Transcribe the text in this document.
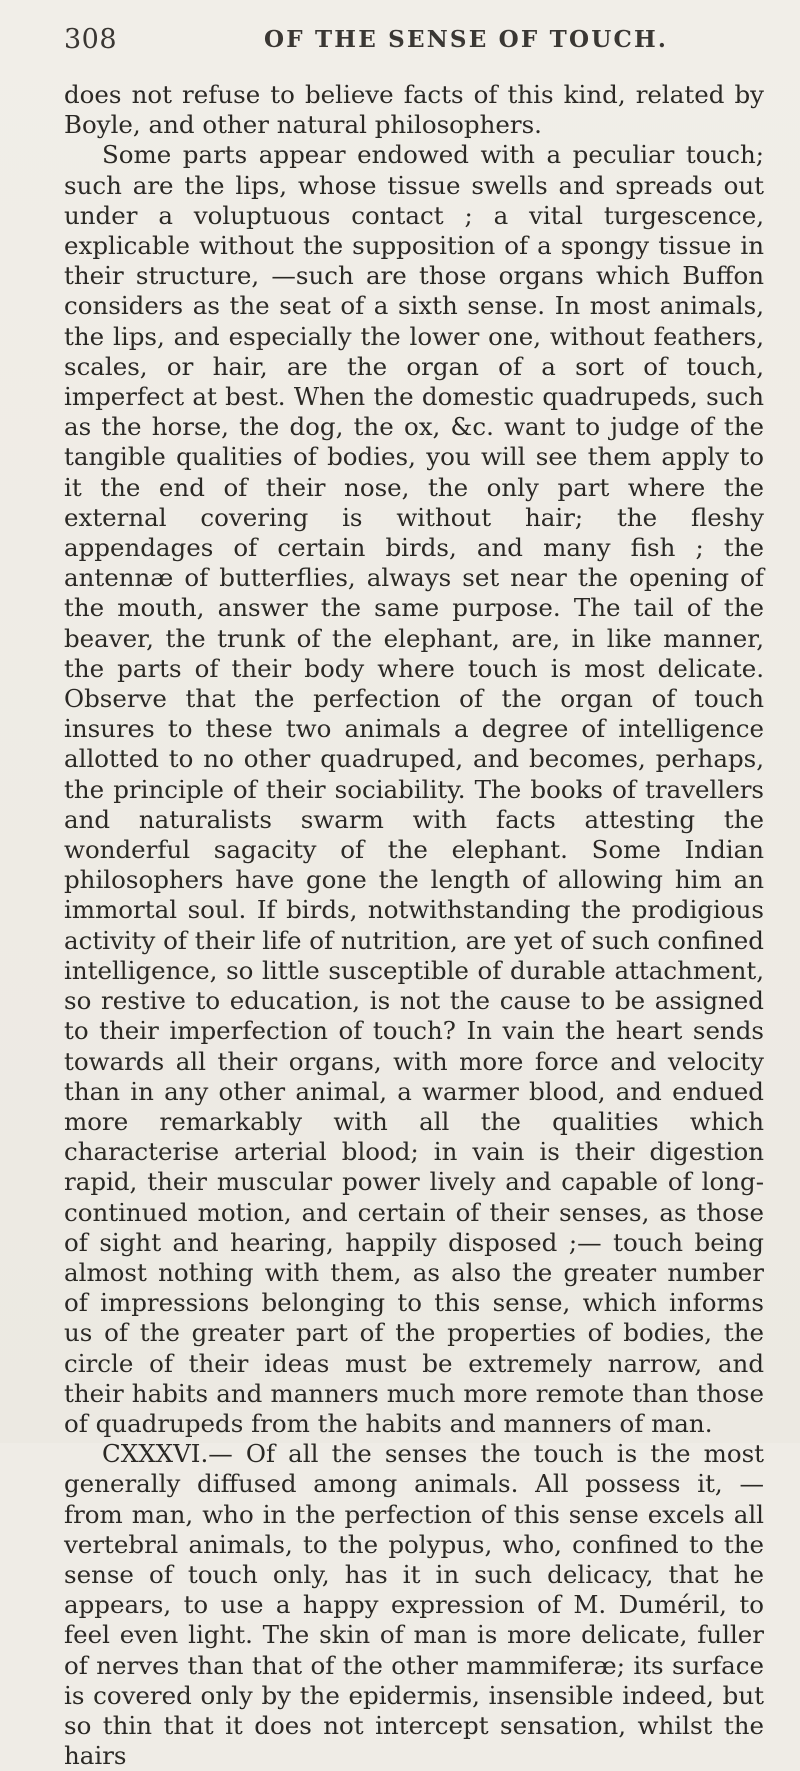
308	OF THE SENSE OF TOUCH.

does not refuse to believe facts of this kind, related by Boyle, and other natural philosophers.

Some parts appear endowed with a peculiar touch; such are the lips, whose tissue swells and spreads out under a voluptuous contact ; a vital turgescence, explicable without the supposition of a spongy tissue in their structure, —such are those organs which Buffon considers as the seat of a sixth sense. In most animals, the lips, and especially the lower one, without feathers, scales, or hair, are the organ of a sort of touch, imperfect at best. When the domestic quadrupeds, such as the horse, the dog, the ox, &c. want to judge of the tangible qualities of bodies, you will see them apply to it the end of their nose, the only part where the external covering is without hair; the fleshy appendages of certain birds, and many fish ; the antennæ of butterflies, always set near the opening of the mouth, answer the same purpose. The tail of the beaver, the trunk of the elephant, are, in like manner, the parts of their body where touch is most delicate. Observe that the perfection of the organ of touch insures to these two animals a degree of intelligence allotted to no other quadruped, and becomes, perhaps, the principle of their sociability. The books of travellers and naturalists swarm with facts attesting the wonderful sagacity of the elephant. Some Indian philosophers have gone the length of allowing him an immortal soul. If birds, notwithstanding the prodigious activity of their life of nutrition, are yet of such confined intelligence, so little susceptible of durable attachment, so restive to education, is not the cause to be assigned to their imperfection of touch? In vain the heart sends towards all their organs, with more force and velocity than in any other animal, a warmer blood, and endued more remarkably with all the qualities which characterise arterial blood; in vain is their digestion rapid, their muscular power lively and capable of long-continued motion, and certain of their senses, as those of sight and hearing, happily disposed ;— touch being almost nothing with them, as also the greater number of impressions belonging to this sense, which informs us of the greater part of the properties of bodies, the circle of their ideas must be extremely narrow, and their habits and manners much more remote than those of quadrupeds from the habits and manners of man.

CXXXVI.— Of all the senses the touch is the most generally diffused among animals. All possess it, — from man, who in the perfection of this sense excels all vertebral animals, to the polypus, who, confined to the sense of touch only, has it in such delicacy, that he appears, to use a happy expression of M. Duméril, to feel even light. The skin of man is more delicate, fuller of nerves than that of the other mammiferæ; its surface is covered only by the epidermis, insensible indeed, but so thin that it does not intercept sensation, whilst the hairs
